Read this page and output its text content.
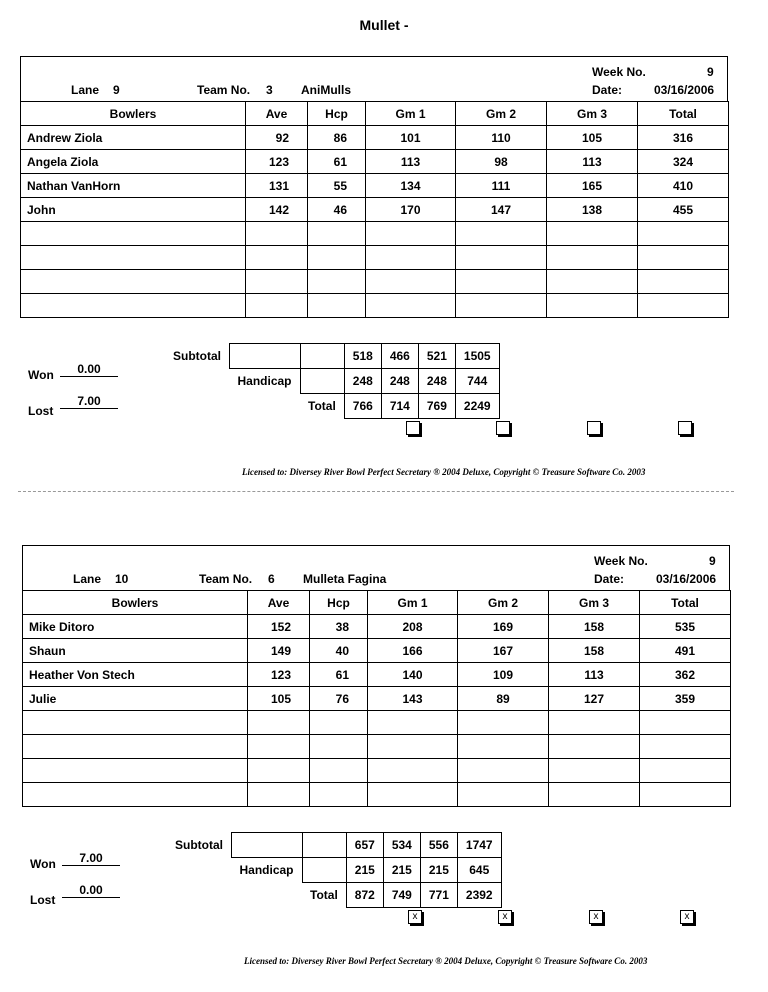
Mullet -
Week No.	9
Lane 9	Team No. 3 AniMulls	Date:	03/16/2006
Bowlers	Ave	Hcp	Gm 1	Gm 2	Gm 3	Total
Andrew Ziola	92	86	101	110	105	316
Angela Ziola	123	61	113	98	113	324
Nathan VanHorn	131	55	134	111	165	410
John	142	46	170	147	138	455

Subtotal			518	466	521	1505
	Handicap		248	248	248	744
		Total	766	714	769	2249
Won	0.00
Lost
7.00
Licensed to: Diversey River Bowl Perfect Secretary ® 2004 Deluxe, Copyright © Treasure Software Co. 2003
Week No.	9
Lane 10	Team No. 6 Mulleta Fagina	Date:	03/16/2006
Bowlers	Ave	Hcp	Gm 1	Gm 2	Gm 3	Total
Mike Ditoro	152	38	208	169	158	535
Shaun	149	40	166	167	158	491
Heather Von Stech	123	61	140	109	113	362
Julie	105	76	143	89	127	359

Subtotal			657	534	556	1747
	Handicap		215	215	215	645
		Total	872	749	771	2392
Won	7.00
Lost
0.00
x	x	x	x
Licensed to: Diversey River Bowl Perfect Secretary ® 2004 Deluxe, Copyright © Treasure Software Co. 2003
